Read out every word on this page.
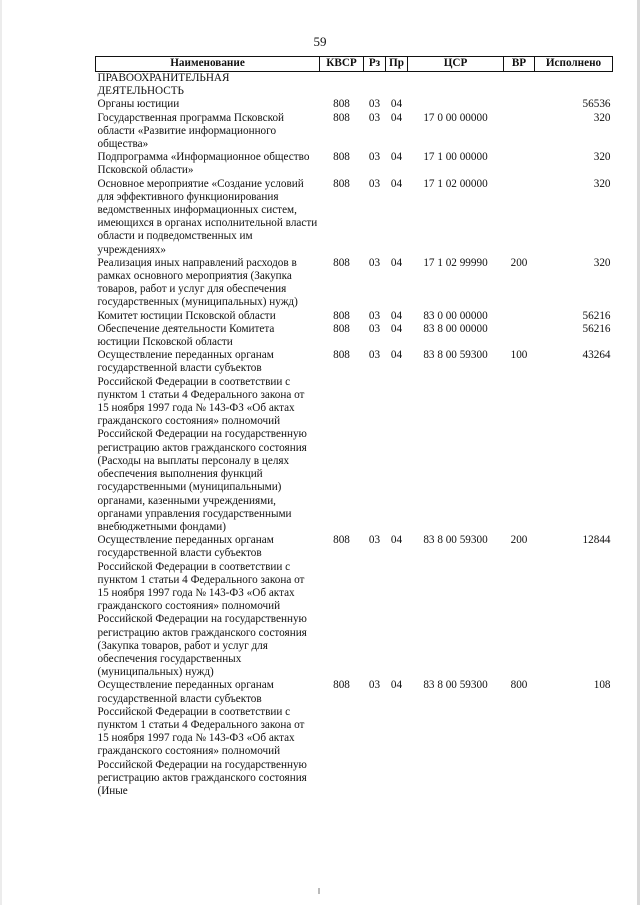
59
Наименование	КВСР	Рз	Пр	ЦСР	ВР	Исполнено
ПРАВООХРАНИТЕЛЬНАЯ ДЕЯТЕЛЬНОСТЬ						
Органы юстиции	808	03	04			56536
Государственная программа Псковской области «Развитие информационного общества»	808	03	04	17 0 00 00000		320
Подпрограмма «Информационное общество Псковской области»	808	03	04	17 1 00 00000		320
Основное мероприятие «Создание условий для эффективного функционирования ведомственных информационных систем, имеющихся в органах исполнительной власти области и подведомственных им учреждениях»	808	03	04	17 1 02 00000		320
Реализация иных направлений расходов в рамках основного мероприятия (Закупка товаров, работ и услуг для обеспечения государственных (муниципальных) нужд)	808	03	04	17 1 02 99990	200	320
Комитет юстиции Псковской области	808	03	04	83 0 00 00000		56216
Обеспечение деятельности Комитета юстиции Псковской области	808	03	04	83 8 00 00000		56216
Осуществление переданных органам государственной власти субъектов Российской Федерации в соответствии с пунктом 1 статьи 4 Федерального закона от 15 ноября 1997 года № 143-ФЗ «Об актах гражданского состояния» полномочий Российской Федерации на государственную регистрацию актов гражданского состояния (Расходы на выплаты персоналу в целях обеспечения выполнения функций государственными (муниципальными) органами, казенными учреждениями, органами управления государственными внебюджетными фондами)	808	03	04	83 8 00 59300	100	43264
Осуществление переданных органам государственной власти субъектов Российской Федерации в соответствии с пунктом 1 статьи 4 Федерального закона от 15 ноября 1997 года № 143-ФЗ «Об актах гражданского состояния» полномочий Российской Федерации на государственную регистрацию актов гражданского состояния (Закупка товаров, работ и услуг для обеспечения государственных (муниципальных) нужд)	808	03	04	83 8 00 59300	200	12844
Осуществление переданных органам государственной власти субъектов Российской Федерации в соответствии с пунктом 1 статьи 4 Федерального закона от 15 ноября 1997 года № 143-ФЗ «Об актах гражданского состояния» полномочий Российской Федерации на государственную регистрацию актов гражданского состояния (Иные	808	03	04	83 8 00 59300	800	108
